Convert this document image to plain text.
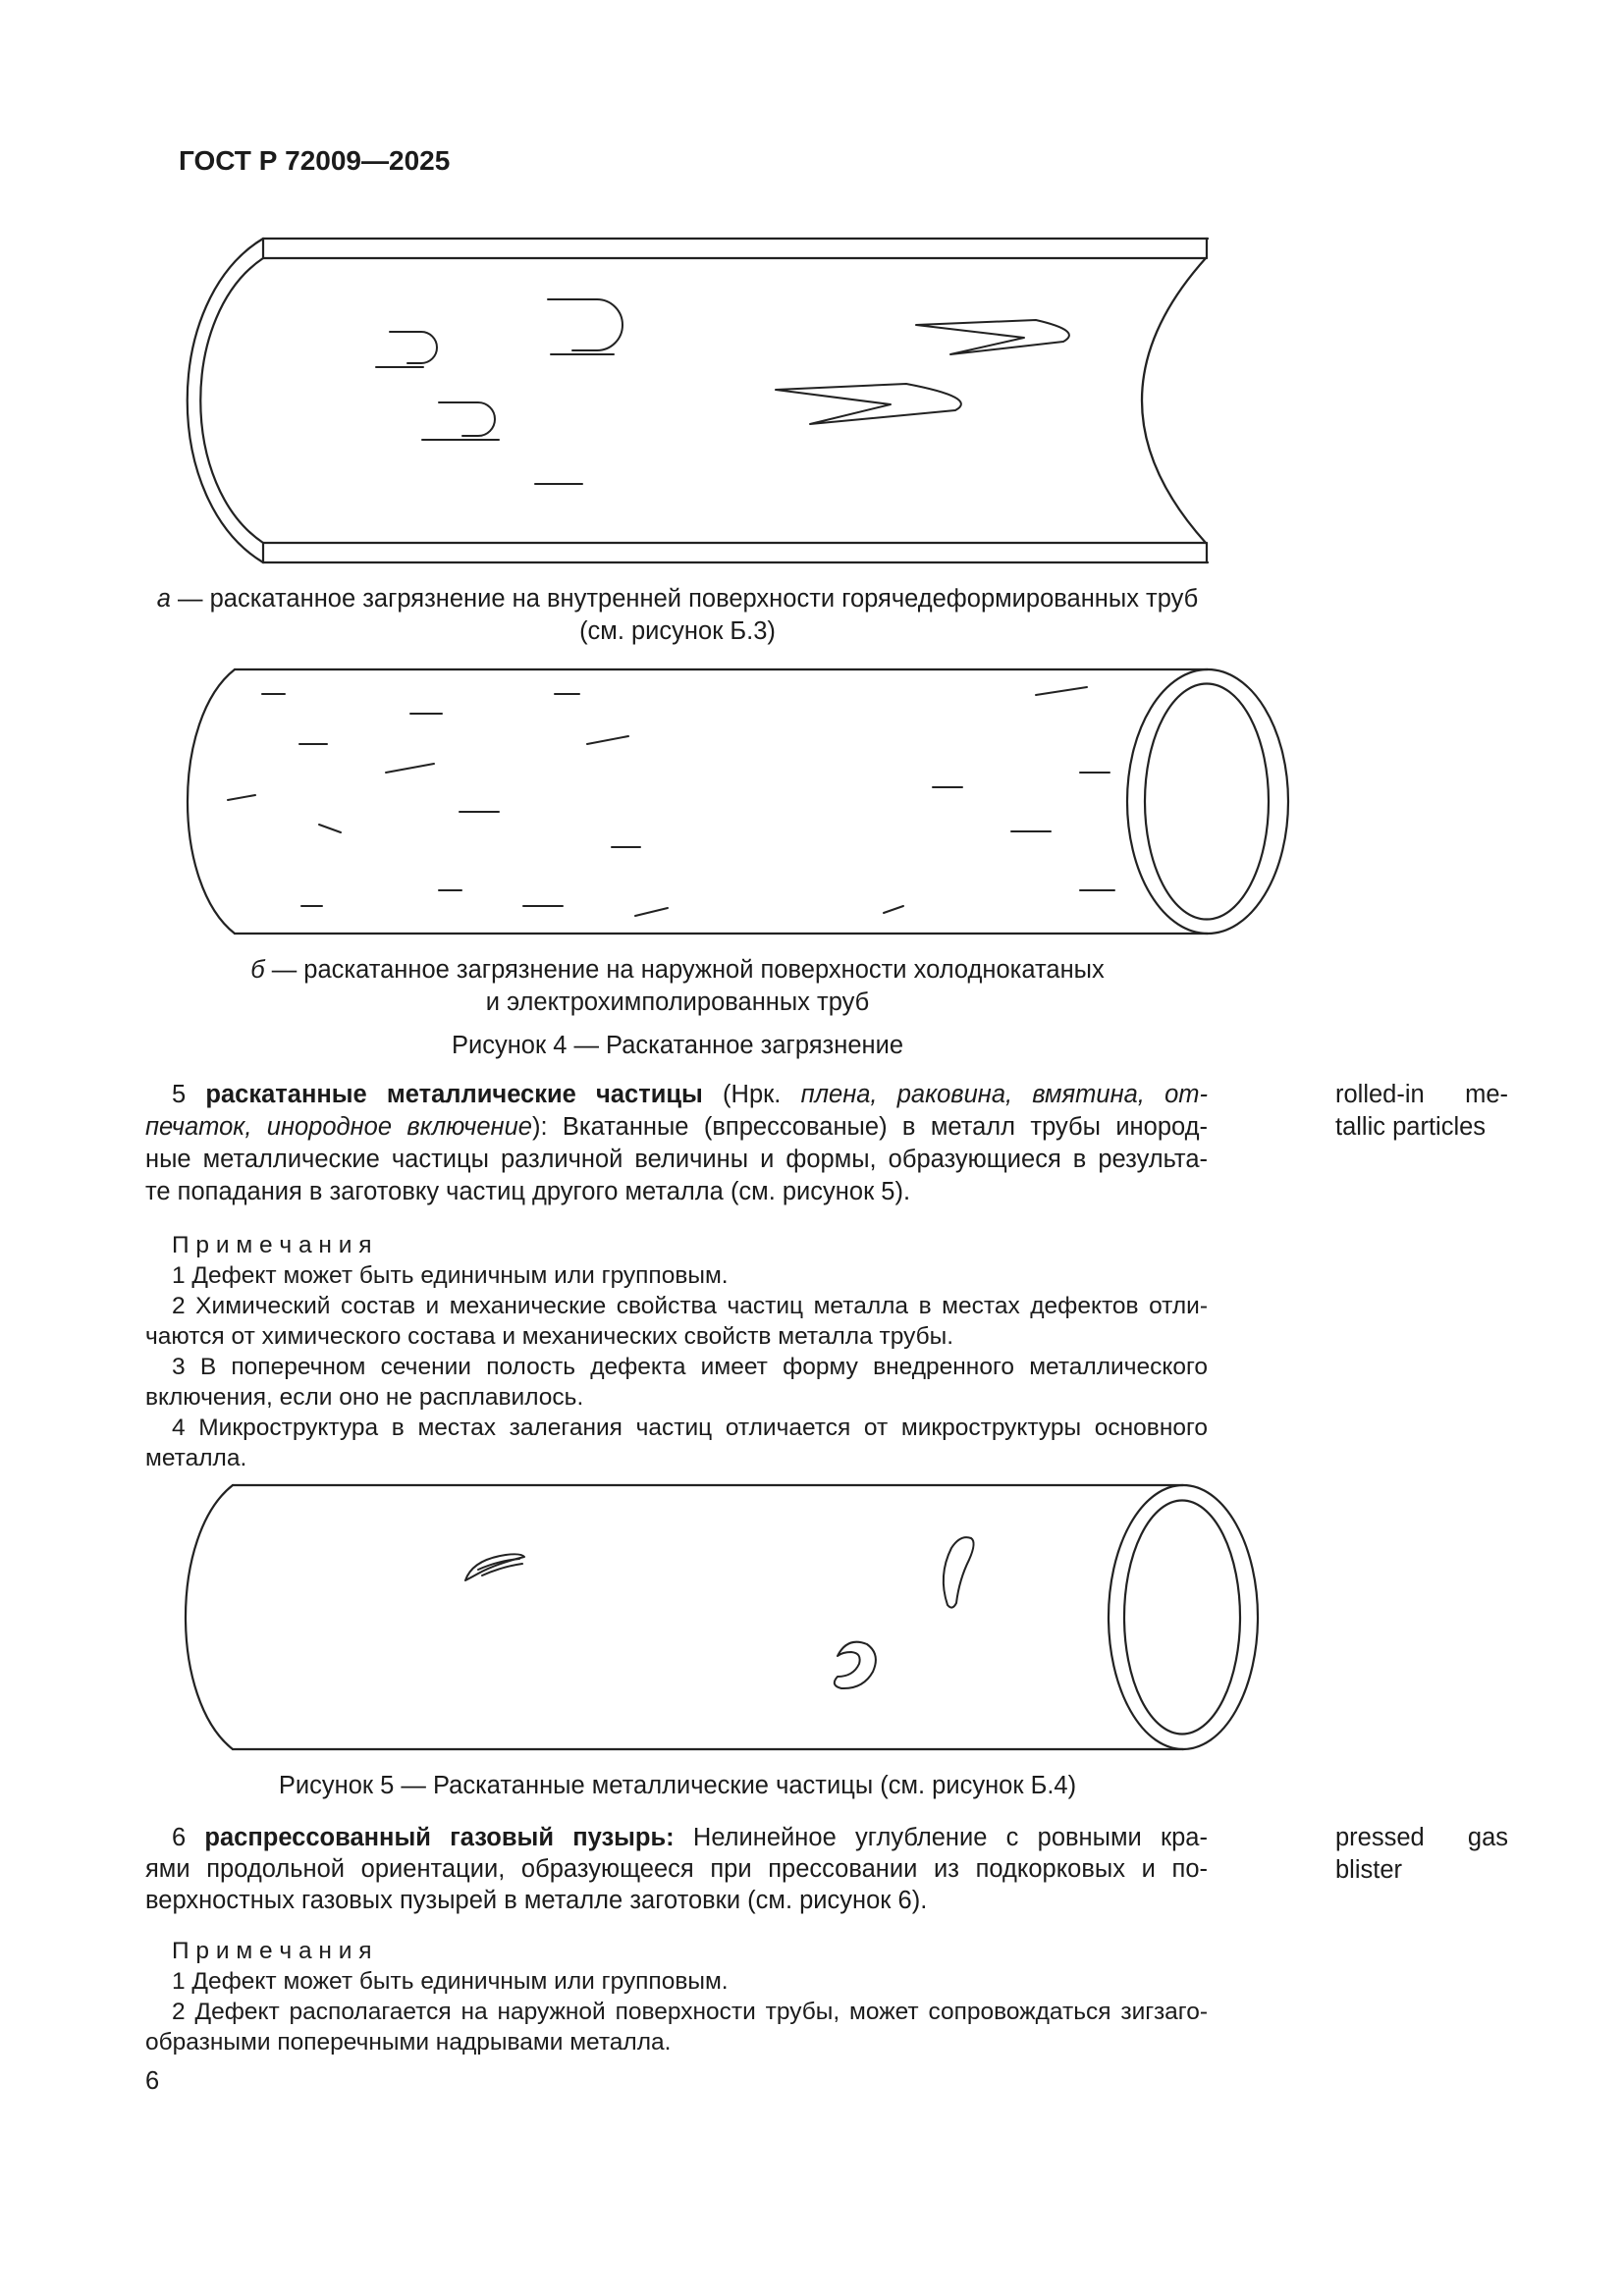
ГОСТ Р 72009—2025
а — раскатанное загрязнение на внутренней поверхности горячедеформированных труб
(см. рисунок Б.3)
б — раскатанное загрязнение на наружной поверхности холоднокатаных
и электрохимполированных труб
Рисунок 4 — Раскатанное загрязнение
5 раскатанные металлические частицы (Нрк. плена, раковина, вмятина, от-
печаток, инородное включение): Вкатанные (впрессованые) в металл трубы инород-
ные металлические частицы различной величины и формы, образующиеся в результа-
те попадания в заготовку частиц другого металла (см. рисунок 5).
rolled-in me-
tallic particles
П р и м е ч а н и я
1 Дефект может быть единичным или групповым.
2 Химический состав и механические свойства частиц металла в местах дефектов отли-
чаются от химического состава и механических свойств металла трубы.
3 В поперечном сечении полость дефекта имеет форму внедренного металлического
включения, если оно не расплавилось.
4 Микроструктура в местах залегания частиц отличается от микроструктуры основного
металла.
Рисунок 5 — Раскатанные металлические частицы (см. рисунок Б.4)
6 распрессованный газовый пузырь: Нелинейное углубление с ровными кра-
ями продольной ориентации, образующееся при прессовании из подкорковых и по-
верхностных газовых пузырей в металле заготовки (см. рисунок 6).
pressed gas
blister
П р и м е ч а н и я
1 Дефект может быть единичным или групповым.
2 Дефект располагается на наружной поверхности трубы, может сопровождаться зигзаго-
образными поперечными надрывами металла.
6
